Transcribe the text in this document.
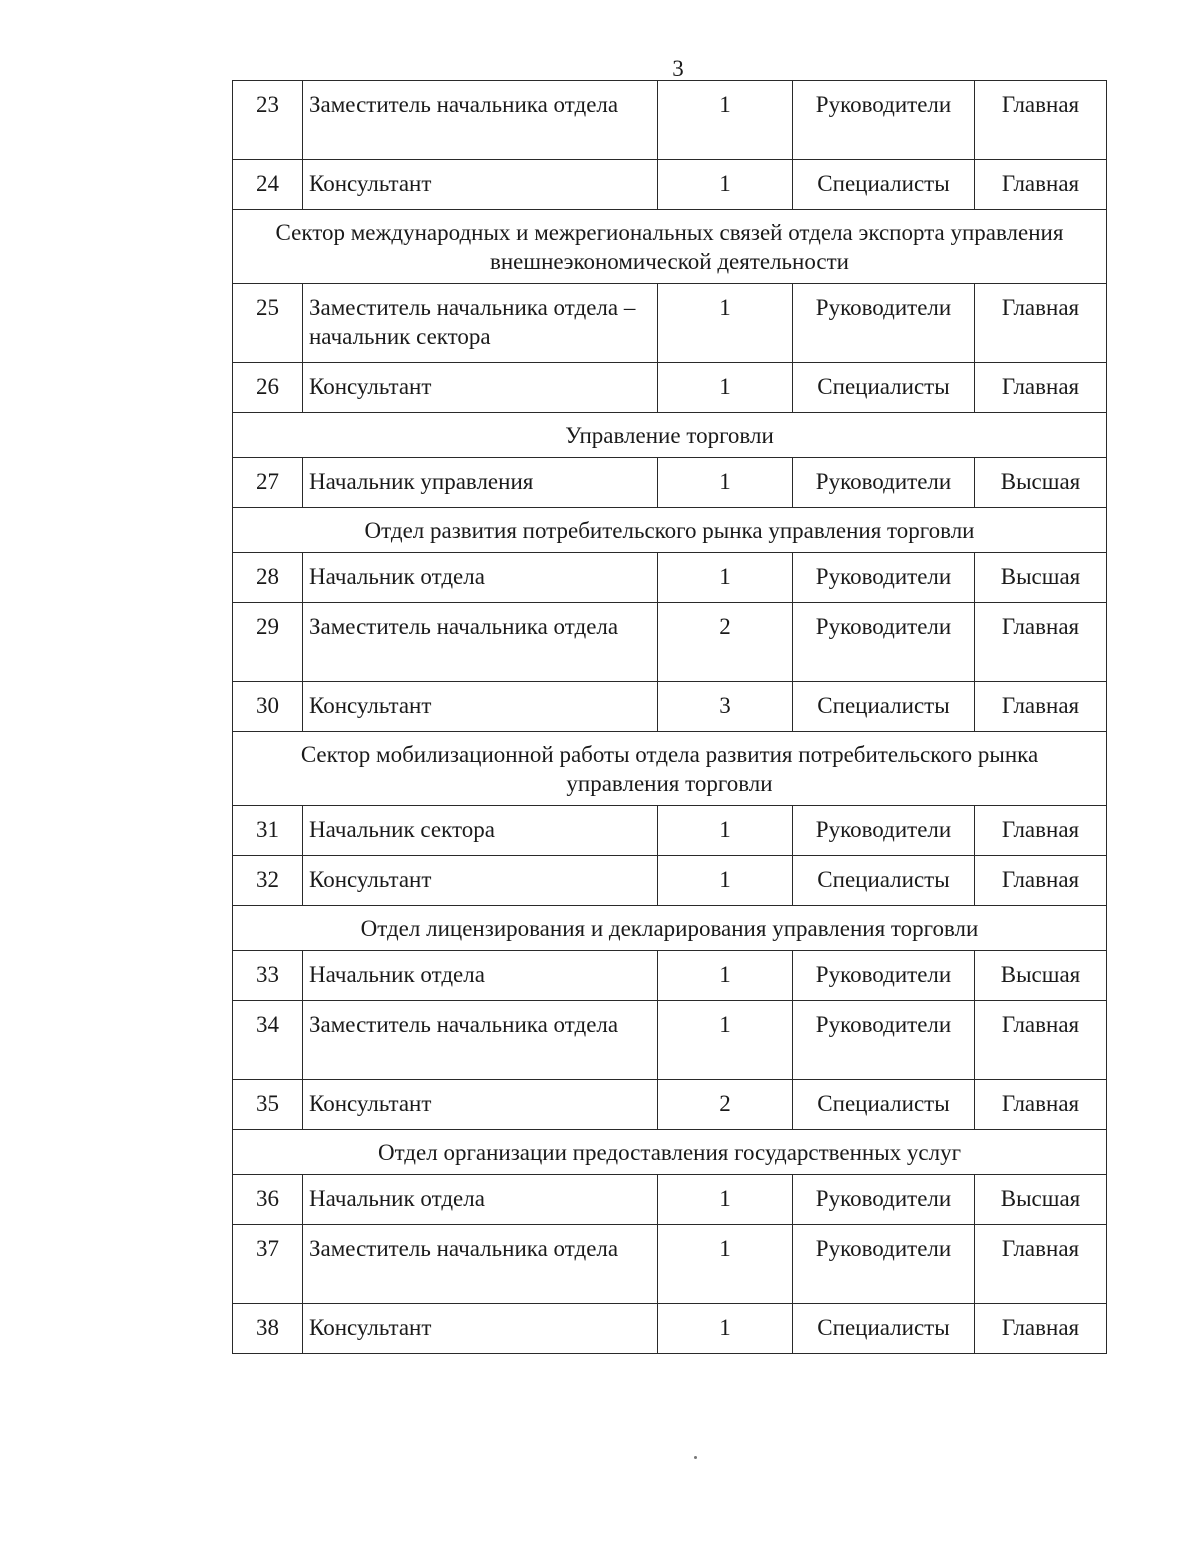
3
23	Заместитель начальника отдела	1	Руководители	Главная
24	Консультант	1	Специалисты	Главная
Сектор международных и межрегиональных связей отдела экспорта управления внешнеэкономической деятельности				
25	Заместитель начальника отдела – начальник сектора	1	Руководители	Главная
26	Консультант	1	Специалисты	Главная
Управление торговли				
27	Начальник управления	1	Руководители	Высшая
Отдел развития потребительского рынка управления торговли				
28	Начальник отдела	1	Руководители	Высшая
29	Заместитель начальника отдела	2	Руководители	Главная
30	Консультант	3	Специалисты	Главная
Сектор мобилизационной работы отдела развития потребительского рынка управления торговли				
31	Начальник сектора	1	Руководители	Главная
32	Консультант	1	Специалисты	Главная
Отдел лицензирования и декларирования управления торговли				
33	Начальник отдела	1	Руководители	Высшая
34	Заместитель начальника отдела	1	Руководители	Главная
35	Консультант	2	Специалисты	Главная
Отдел организации предоставления государственных услуг				
36	Начальник отдела	1	Руководители	Высшая
37	Заместитель начальника отдела	1	Руководители	Главная
38	Консультант	1	Специалисты	Главная
